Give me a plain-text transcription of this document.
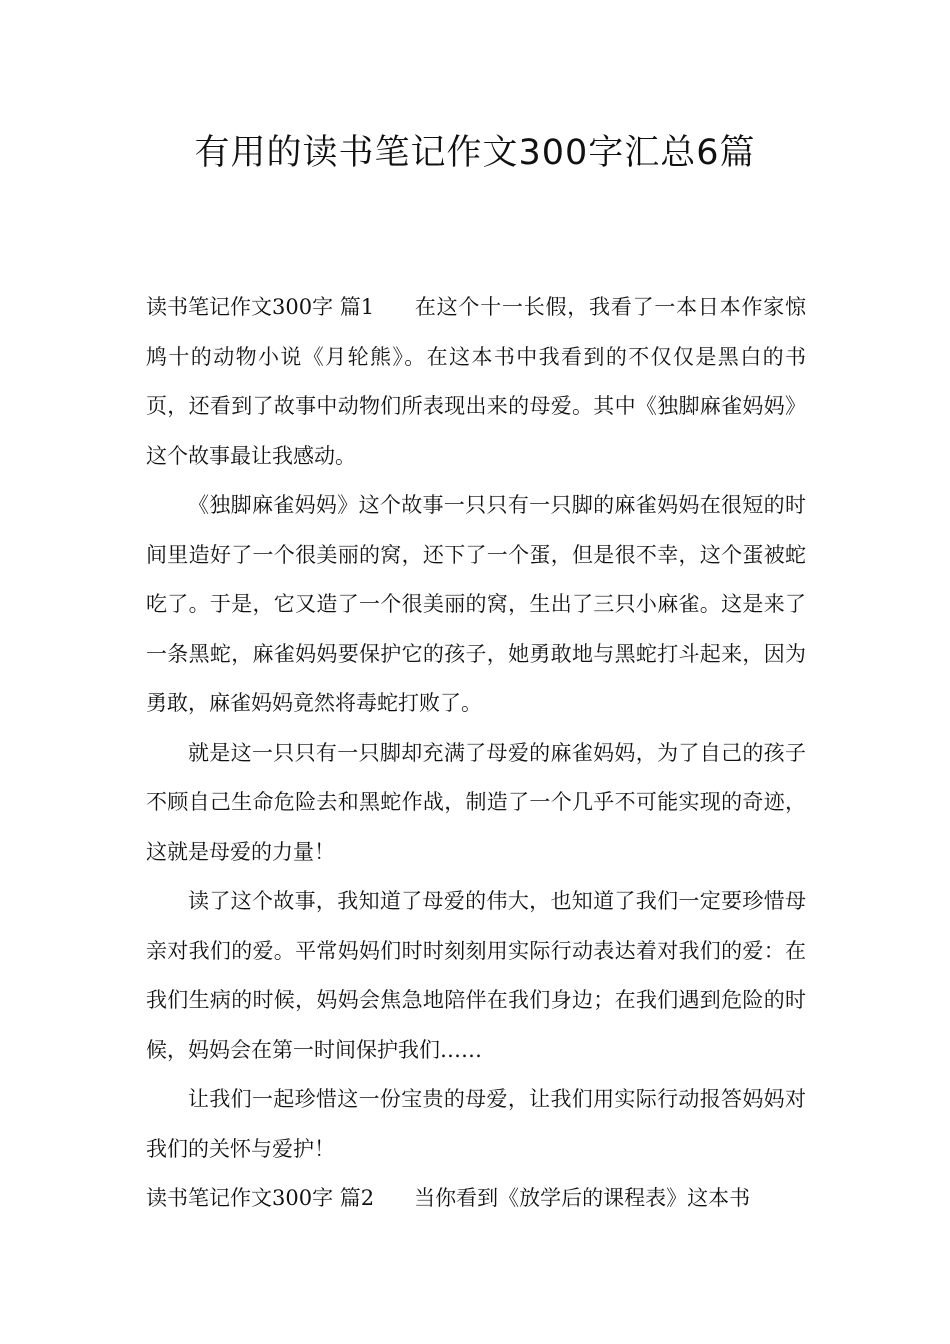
有用的读书笔记作文300字汇总6篇

读书笔记作文300字 篇1 在这个十一长假，我看了一本日本作家惊鸠十的动物小说《月轮熊》。在这本书中我看到的不仅仅是黑白的书页，还看到了故事中动物们所表现出来的母爱。其中《独脚麻雀妈妈》这个故事最让我感动。

《独脚麻雀妈妈》这个故事一只只有一只脚的麻雀妈妈在很短的时间里造好了一个很美丽的窝，还下了一个蛋，但是很不幸，这个蛋被蛇吃了。于是，它又造了一个很美丽的窝，生出了三只小麻雀。这是来了一条黑蛇，麻雀妈妈要保护它的孩子，她勇敢地与黑蛇打斗起来，因为勇敢，麻雀妈妈竟然将毒蛇打败了。

就是这一只只有一只脚却充满了母爱的麻雀妈妈，为了自己的孩子不顾自己生命危险去和黑蛇作战，制造了一个几乎不可能实现的奇迹，这就是母爱的力量！

读了这个故事，我知道了母爱的伟大，也知道了我们一定要珍惜母亲对我们的爱。平常妈妈们时时刻刻用实际行动表达着对我们的爱：在我们生病的时候，妈妈会焦急地陪伴在我们身边；在我们遇到危险的时候，妈妈会在第一时间保护我们……

让我们一起珍惜这一份宝贵的母爱，让我们用实际行动报答妈妈对我们的关怀与爱护！

读书笔记作文300字 篇2 当你看到《放学后的课程表》这本书
